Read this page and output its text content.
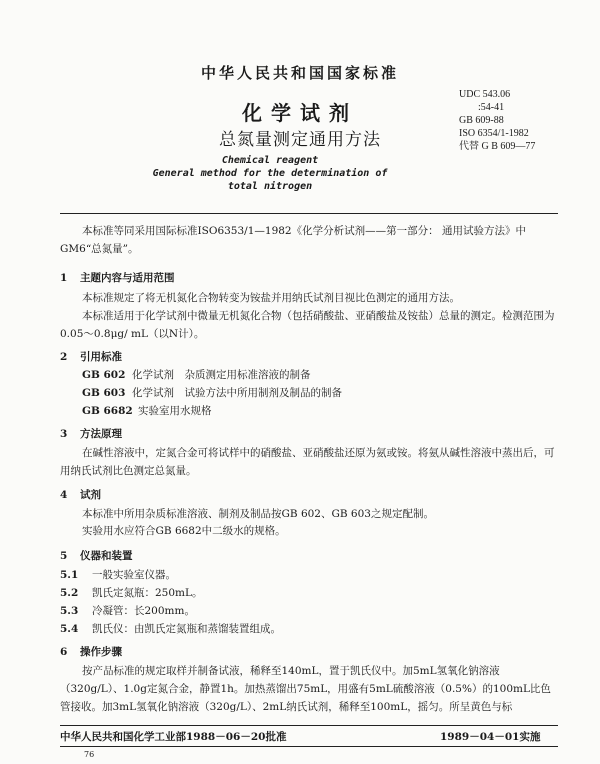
中华人民共和国国家标准
化学试剂
总氮量测定通用方法
Chemical reagent
General method for the determination of
total nitrogen
UDC 543.06
:54-41
GB 609-88
ISO 6354/1-1982
代替 G B 609—77
本标准等同采用国际标准ISO6353/1—1982《化学分析试剂——第一部分： 通用试验方法》中GM6“总氮量”。
1 主题内容与适用范围
本标准规定了将无机氮化合物转变为铵盐并用纳氏试剂目视比色测定的通用方法。
本标准适用于化学试剂中微量无机氮化合物（包括硝酸盐、亚硝酸盐及铵盐）总量的测定。检测范围为0.05～0.8μg/ mL（以N计）。
2 引用标准
GB 602 化学试剂　杂质测定用标准溶液的制备
GB 603 化学试剂　试验方法中所用制剂及制品的制备
GB 6682 实验室用水规格
3 方法原理
在碱性溶液中，定氮合金可将试样中的硝酸盐、亚硝酸盐还原为氨或铵。将氨从碱性溶液中蒸出后，可用纳氏试剂比色测定总氮量。
4 试剂
本标准中所用杂质标准溶液、制剂及制品按GB 602、GB 603之规定配制。
实验用水应符合GB 6682中二级水的规格。
5 仪器和装置
5.1 一般实验室仪器。
5.2 凯氏定氮瓶：250mL。
5.3 冷凝管：长200mm。
5.4 凯氏仪：由凯氏定氮瓶和蒸馏装置组成。
6 操作步骤
按产品标准的规定取样并制备试液，稀释至140mL，置于凯氏仪中。加5mL氢氧化钠溶液（320g/L）、1.0g定氮合金，静置1h。加热蒸馏出75mL，用盛有5mL硫酸溶液（0.5%）的100mL比色管接收。加3mL氢氧化钠溶液（320g/L）、2mL纳氏试剂，稀释至100mL，摇匀。所呈黄色与标
中华人民共和国化学工业部1988－06－20批准	1989－04－01实施
76
